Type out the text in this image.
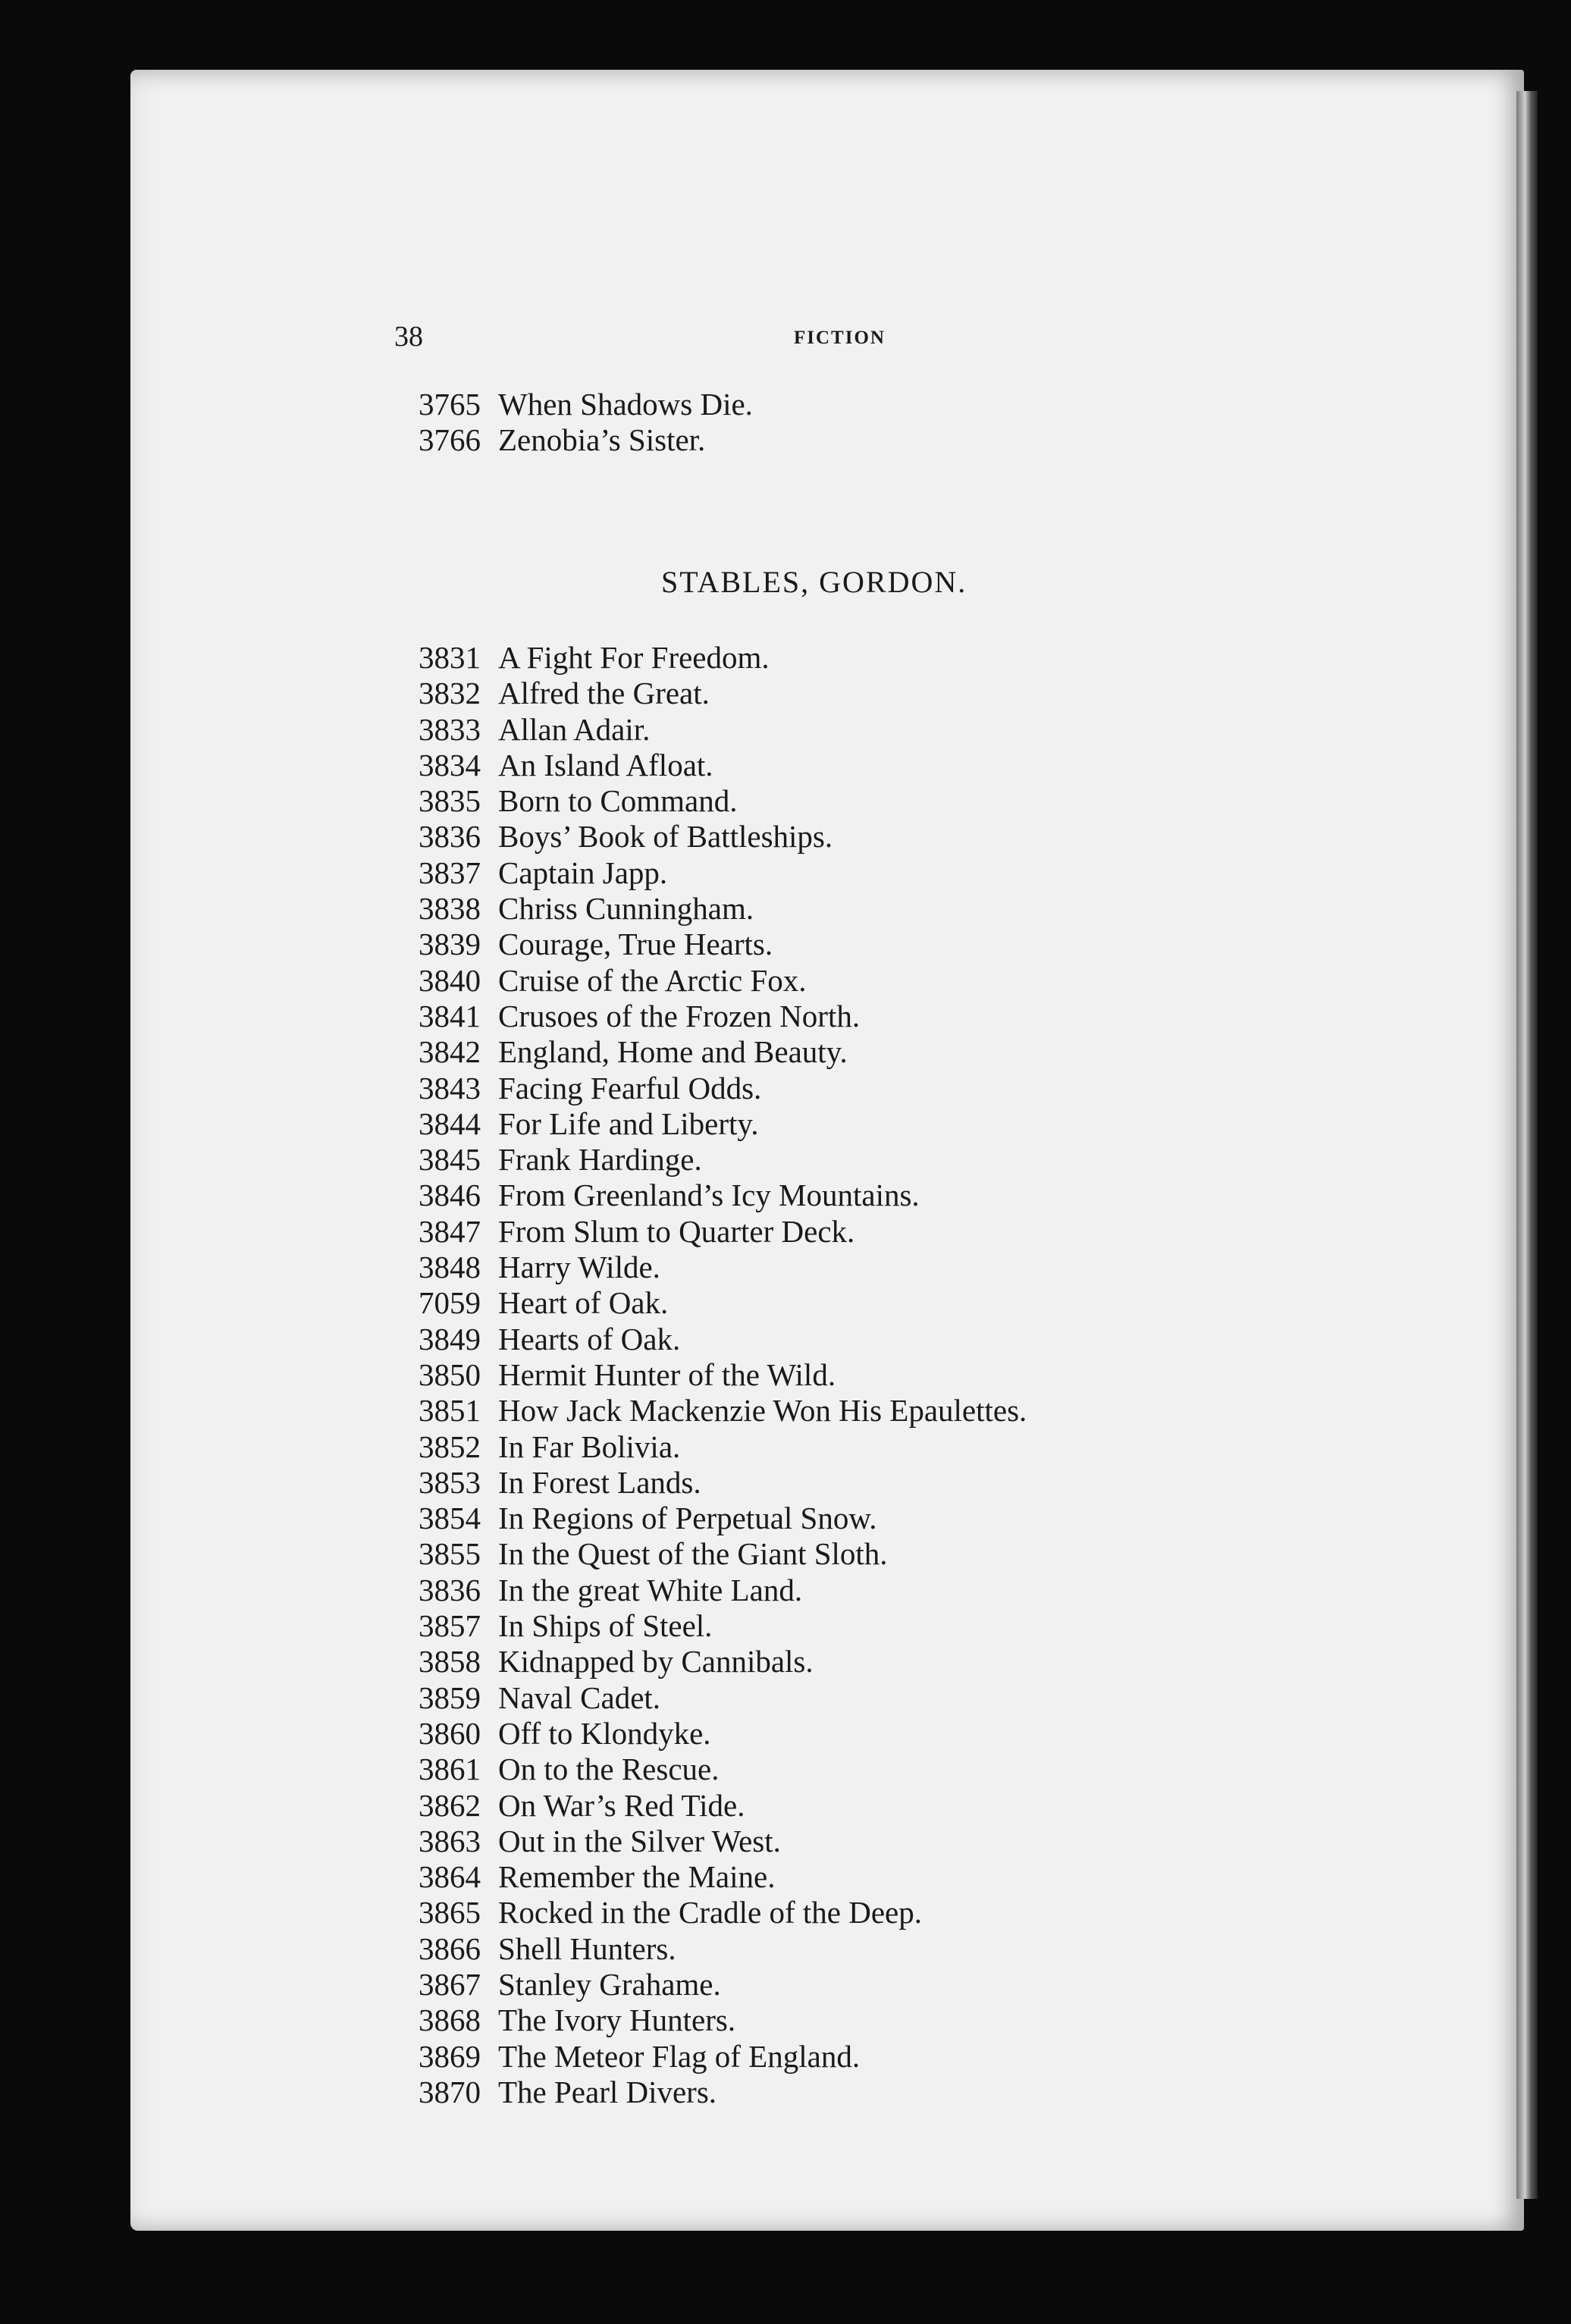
38	FICTION
3765 When Shadows Die.
3766 Zenobia’s Sister.
STABLES, GORDON.
3831 A Fight For Freedom.
3832 Alfred the Great.
3833 Allan Adair.
3834 An Island Afloat.
3835 Born to Command.
3836 Boys’ Book of Battleships.
3837 Captain Japp.
3838 Chriss Cunningham.
3839 Courage, True Hearts.
3840 Cruise of the Arctic Fox.
3841 Crusoes of the Frozen North.
3842 England, Home and Beauty.
3843 Facing Fearful Odds.
3844 For Life and Liberty.
3845 Frank Hardinge.
3846 From Greenland’s Icy Mountains.
3847 From Slum to Quarter Deck.
3848 Harry Wilde.
7059 Heart of Oak.
3849 Hearts of Oak.
3850 Hermit Hunter of the Wild.
3851 How Jack Mackenzie Won His Epaulettes.
3852 In Far Bolivia.
3853 In Forest Lands.
3854 In Regions of Perpetual Snow.
3855 In the Quest of the Giant Sloth.
3836 In the great White Land.
3857 In Ships of Steel.
3858 Kidnapped by Cannibals.
3859 Naval Cadet.
3860 Off to Klondyke.
3861 On to the Rescue.
3862 On War’s Red Tide.
3863 Out in the Silver West.
3864 Remember the Maine.
3865 Rocked in the Cradle of the Deep.
3866 Shell Hunters.
3867 Stanley Grahame.
3868 The Ivory Hunters.
3869 The Meteor Flag of England.
3870 The Pearl Divers.
